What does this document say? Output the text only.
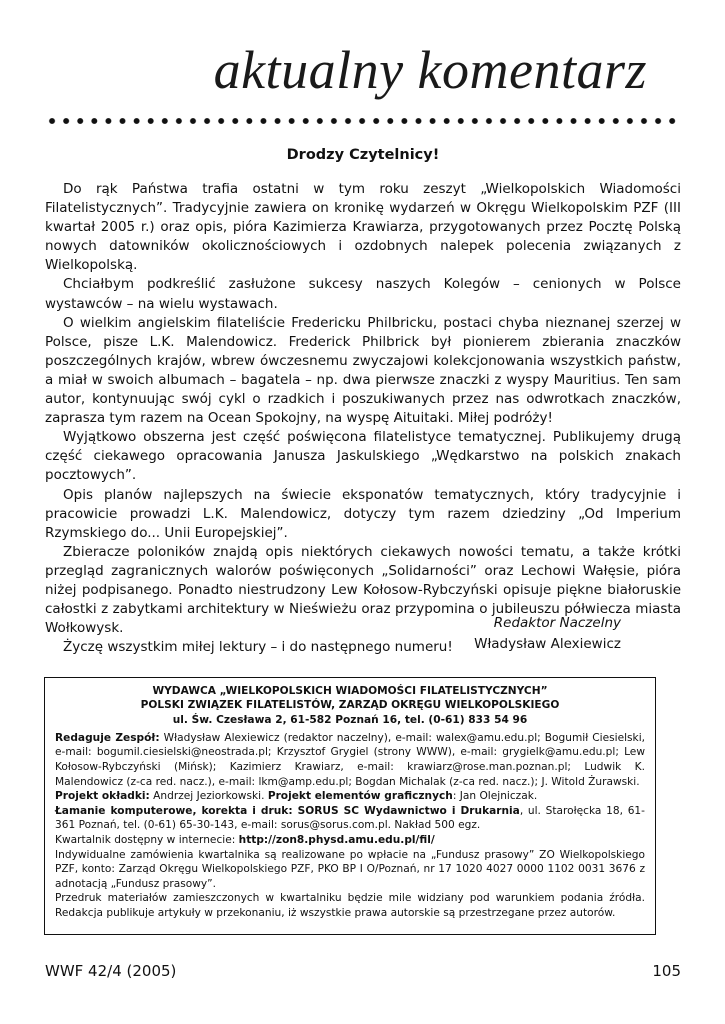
aktualny komentarz
Drodzy Czytelnicy!

Do rąk Państwa trafia ostatni w tym roku zeszyt „Wielkopolskich Wiadomości Filatelistycznych”. Tradycyjnie zawiera on kronikę wydarzeń w Okręgu Wielkopolskim PZF (III kwartał 2005 r.) oraz opis, pióra Kazimierza Krawiarza, przygotowanych przez Pocztę Polską nowych datowników okolicznościowych i ozdobnych nalepek polecenia związanych z Wielkopolską.

Chciałbym podkreślić zasłużone sukcesy naszych Kolegów – cenionych w Polsce wystawców – na wielu wystawach.

O wielkim angielskim filateliście Fredericku Philbricku, postaci chyba nieznanej szerzej w Polsce, pisze L.K. Malendowicz. Frederick Philbrick był pionierem zbierania znaczków poszczególnych krajów, wbrew ówczesnemu zwyczajowi kolekcjonowania wszystkich państw, a miał w swoich albumach – bagatela – np. dwa pierwsze znaczki z wyspy Mauritius. Ten sam autor, kontynuując swój cykl o rzadkich i poszukiwanych przez nas odwrotkach znaczków, zaprasza tym razem na Ocean Spokojny, na wyspę Aituitaki. Miłej podróży!

Wyjątkowo obszerna jest część poświęcona filatelistyce tematycznej. Publikujemy drugą część ciekawego opracowania Janusza Jaskulskiego „Wędkarstwo na polskich znakach pocztowych”.

Opis planów najlepszych na świecie eksponatów tematycznych, który tradycyjnie i pracowicie prowadzi L.K. Malendowicz, dotyczy tym razem dziedziny „Od Imperium Rzymskiego do... Unii Europejskiej”.

Zbieracze poloników znajdą opis niektórych ciekawych nowości tematu, a także krótki przegląd zagranicznych walorów poświęconych „Solidarności” oraz Lechowi Wałęsie, pióra niżej podpisanego. Ponadto niestrudzony Lew Kołosow-Rybczyński opisuje piękne białoruskie całostki z zabytkami architektury w Nieświeżu oraz przypomina o jubileuszu półwiecza miasta Wołkowysk.

Życzę wszystkim miłej lektury – i do następnego numeru!

Redaktor Naczelny
Władysław Alexiewicz
WYDAWCA „WIELKOPOLSKICH WIADOMOŚCI FILATELISTYCZNYCH”
POLSKI ZWIĄZEK FILATELISTÓW, ZARZĄD OKRĘGU WIELKOPOLSKIEGO
ul. Św. Czesława 2, 61-582 Poznań 16, tel. (0-61) 833 54 96

Redaguje Zespół: Władysław Alexiewicz (redaktor naczelny), e-mail: walex@amu.edu.pl; Bogumił Ciesielski, e-mail: bogumil.ciesielski@neostrada.pl; Krzysztof Grygiel (strony WWW), e-mail: grygielk@amu.edu.pl; Lew Kołosow-Rybczyński (Mińsk); Kazimierz Krawiarz, e-mail: krawiarz@rose.man.poznan.pl; Ludwik K. Malendowicz (z-ca red. nacz.), e-mail: lkm@amp.edu.pl; Bogdan Michalak (z-ca red. nacz.); J. Witold Żurawski.

Projekt okładki: Andrzej Jeziorkowski. Projekt elementów graficznych: Jan Olejniczak.

Łamanie komputerowe, korekta i druk: SORUS SC Wydawnictwo i Drukarnia, ul. Starołęcka 18, 61-361 Poznań, tel. (0-61) 65-30-143, e-mail: sorus@sorus.com.pl. Nakład 500 egz.

Kwartalnik dostępny w internecie: http://zon8.physd.amu.edu.pl/fil/

Indywidualne zamówienia kwartalnika są realizowane po wpłacie na „Fundusz prasowy” ZO Wielkopolskiego PZF, konto: Zarząd Okręgu Wielkopolskiego PZF, PKO BP I O/Poznań, nr 17 1020 4027 0000 1102 0031 3676 z adnotacją „Fundusz prasowy”.

Przedruk materiałów zamieszczonych w kwartalniku będzie mile widziany pod warunkiem podania źródła. Redakcja publikuje artykuły w przekonaniu, iż wszystkie prawa autorskie są przestrzegane przez autorów.

WWF 42/4 (2005)	105
